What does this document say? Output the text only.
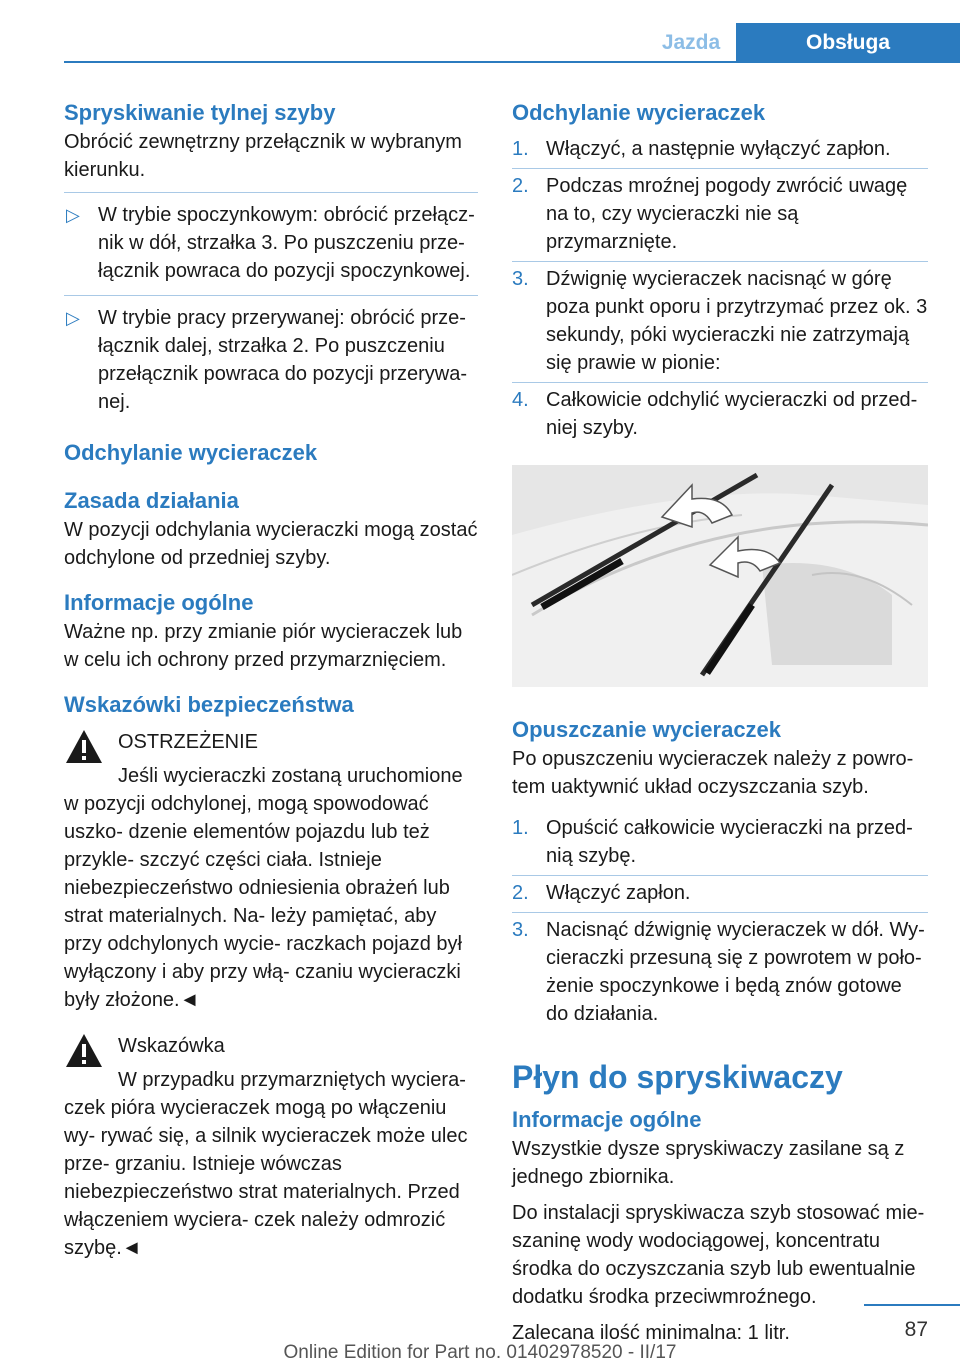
Jazda	Obsługa

Spryskiwanie tylnej szyby

Obrócić zewnętrzny przełącznik w wybranym kierunku.

▷ W trybie spoczynkowym: obrócić przełącz- nik w dół, strzałka 3. Po puszczeniu prze- łącznik powraca do pozycji spoczynkowej.
▷ W trybie pracy przerywanej: obrócić prze- łącznik dalej, strzałka 2. Po puszczeniu przełącznik powraca do pozycji przerywa- nej.

Odchylanie wycieraczek

Zasada działania

W pozycji odchylania wycieraczki mogą zostać odchylone od przedniej szyby.

Informacje ogólne

Ważne np. przy zmianie piór wycieraczek lub w celu ich ochrony przed przymarznięciem.

Wskazówki bezpieczeństwa

OSTRZEŻENIE

Jeśli wycieraczki zostaną uruchomione w pozycji odchylonej, mogą spowodować uszko- dzenie elementów pojazdu lub też przykle- szczyć części ciała. Istnieje niebezpieczeństwo odniesienia obrażeń lub strat materialnych. Na- leży pamiętać, aby przy odchylonych wycie- raczkach pojazd był wyłączony i aby przy włą- czaniu wycieraczki były złożone.◄

Wskazówka

W przypadku przymarzniętych wyciera- czek pióra wycieraczek mogą po włączeniu wy- rywać się, a silnik wycieraczek może ulec prze- grzaniu. Istnieje wówczas niebezpieczeństwo strat materialnych. Przed włączeniem wyciera- czek należy odmrozić szybę.◄

Odchylanie wycieraczek

1. Włączyć, a następnie wyłączyć zapłon.
2. Podczas mroźnej pogody zwrócić uwagę na to, czy wycieraczki nie są przymarznięte.
3. Dźwignię wycieraczek nacisnąć w górę poza punkt oporu i przytrzymać przez ok. 3 sekundy, póki wycieraczki nie zatrzymają się prawie w pionie:
4. Całkowicie odchylić wycieraczki od przed- niej szyby.

Opuszczanie wycieraczek

Po opuszczeniu wycieraczek należy z powro- tem uaktywnić układ oczyszczania szyb.

1. Opuścić całkowicie wycieraczki na przed- nią szybę.
2. Włączyć zapłon.
3. Nacisnąć dźwignię wycieraczek w dół. Wy- cieraczki przesuną się z powrotem w poło- żenie spoczynkowe i będą znów gotowe do działania.

Płyn do spryskiwaczy

Informacje ogólne

Wszystkie dysze spryskiwaczy zasilane są z jednego zbiornika.

Do instalacji spryskiwacza szyb stosować mie- szaninę wody wodociągowej, koncentratu środka do oczyszczania szyb lub ewentualnie dodatku środka przeciwmroźnego.

Zalecana ilość minimalna: 1 litr.	87
Online Edition for Part no. 01402978520 - II/17
